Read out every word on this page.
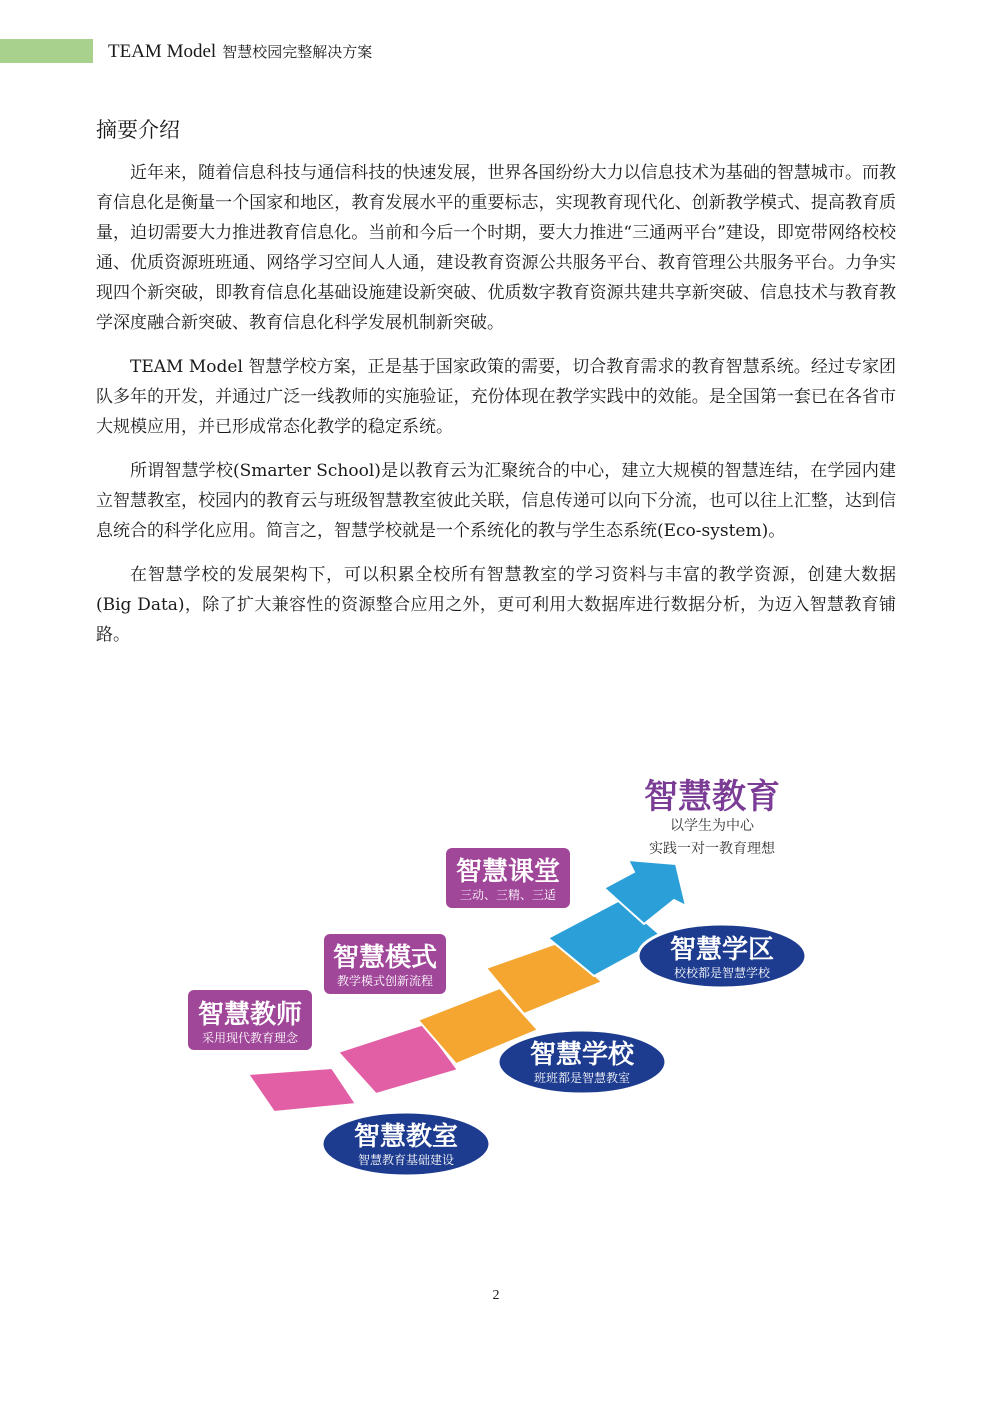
TEAM Model 智慧校园完整解决方案
摘要介绍

近年来，随着信息科技与通信科技的快速发展，世界各国纷纷大力以信息技术为基础的智慧城市。而教育信息化是衡量一个国家和地区，教育发展水平的重要标志，实现教育现代化、创新教学模式、提高教育质量，迫切需要大力推进教育信息化。当前和今后一个时期，要大力推进“三通两平台”建设，即宽带网络校校通、优质资源班班通、网络学习空间人人通，建设教育资源公共服务平台、教育管理公共服务平台。力争实现四个新突破，即教育信息化基础设施建设新突破、优质数字教育资源共建共享新突破、信息技术与教育教学深度融合新突破、教育信息化科学发展机制新突破。

TEAM Model 智慧学校方案，正是基于国家政策的需要，切合教育需求的教育智慧系统。经过专家团队多年的开发，并通过广泛一线教师的实施验证，充份体现在教学实践中的效能。是全国第一套已在各省市大规模应用，并已形成常态化教学的稳定系统。

所谓智慧学校(Smarter School)是以教育云为汇聚统合的中心，建立大规模的智慧连结，在学园内建立智慧教室，校园内的教育云与班级智慧教室彼此关联，信息传递可以向下分流，也可以往上汇整，达到信息统合的科学化应用。简言之，智慧学校就是一个系统化的教与学生态系统(Eco-system)。

在智慧学校的发展架构下，可以积累全校所有智慧教室的学习资料与丰富的教学资源，创建大数据(Big Data)，除了扩大兼容性的资源整合应用之外，更可利用大数据库进行数据分析，为迈入智慧教育铺路。

智慧教师
采用现代教育理念
智慧模式
教学模式创新流程
智慧课堂
三动、三精、三适
智慧教育
以学生为中心
实践一对一教育理想
智慧学区
校校都是智慧学校
智慧学校
班班都是智慧教室
智慧教室
智慧教育基础建设
2
